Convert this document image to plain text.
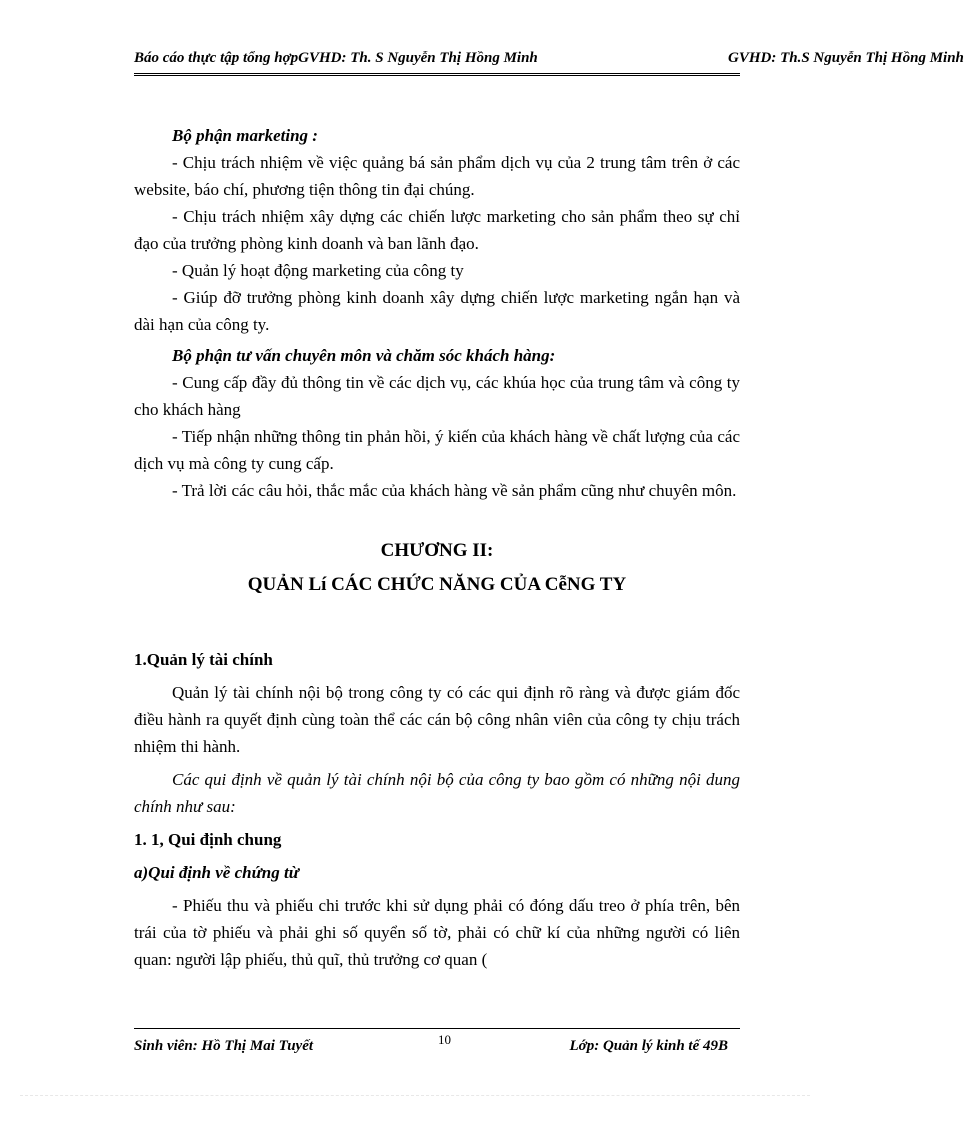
Báo cáo thực tập tổng hợpGVHD: Th. S Nguyễn Thị Hồng Minh	GVHD: Th.S Nguyễn Thị Hồng Minh

Bộ phận marketing :

- Chịu trách nhiệm về việc quảng bá sản phẩm dịch vụ của 2 trung tâm trên ở các website, báo chí, phương tiện thông tin đại chúng.

- Chịu trách nhiệm xây dựng các chiến lược marketing cho sản phẩm theo sự chỉ đạo của trưởng phòng kinh doanh và ban lãnh đạo.

- Quản lý hoạt động marketing của công ty

- Giúp đỡ trưởng phòng kinh doanh xây dựng chiến lược marketing ngắn hạn và dài hạn của công ty.

Bộ phận tư vấn chuyên môn và chăm sóc khách hàng:

- Cung cấp đầy đủ thông tin về các dịch vụ, các khúa học của trung tâm và công ty cho khách hàng

- Tiếp nhận những thông tin phản hồi, ý kiến của khách hàng về chất lượng của các dịch vụ mà công ty cung cấp.

- Trả lời các câu hỏi, thắc mắc của khách hàng về sản phẩm cũng như chuyên môn.

CHƯƠNG II:

QUẢN Lí CÁC CHỨC NĂNG CỦA CễNG TY

1.Quản lý tài chính

Quản lý tài chính nội bộ trong công ty có các qui định rõ ràng và được giám đốc điều hành ra quyết định cùng toàn thể các cán bộ công nhân viên của công ty chịu trách nhiệm thi hành.

Các qui định về quản lý tài chính nội bộ của công ty bao gồm có những nội dung chính như sau:

1. 1, Qui định chung

a)Qui định về chứng từ

- Phiếu thu và phiếu chi trước khi sử dụng phải có đóng dấu treo ở phía trên, bên trái của tờ phiếu và phải ghi số quyển số tờ, phải có chữ kí của những người có liên quan: người lập phiếu, thủ quĩ, thủ trưởng cơ quan (

Sinh viên: Hồ Thị Mai Tuyết	10	Lớp: Quản lý kinh tế 49B
